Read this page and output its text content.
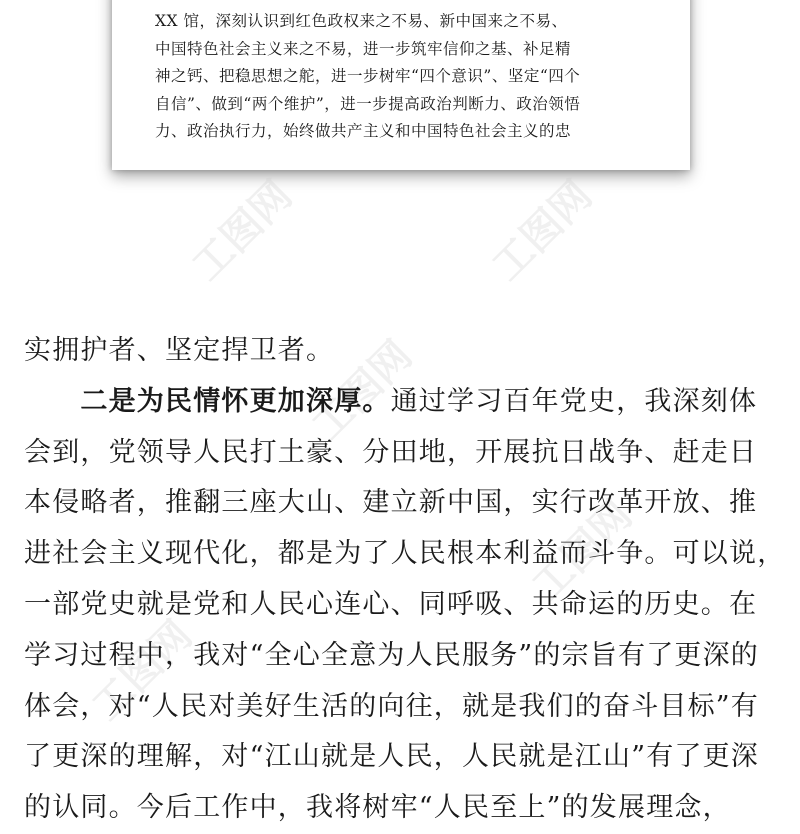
XX 馆，深刻认识到红色政权来之不易、新中国来之不易、
中国特色社会主义来之不易，进一步筑牢信仰之基、补足精
神之钙、把稳思想之舵，进一步树牢“四个意识”、坚定“四个
自信”、做到“两个维护”，进一步提高政治判断力、政治领悟
力、政治执行力，始终做共产主义和中国特色社会主义的忠
工图网	工图网
工图网
工图网
工图网
实拥护者、坚定捍卫者。
　　二是为民情怀更加深厚。通过学习百年党史，我深刻体
会到，党领导人民打土豪、分田地，开展抗日战争、赶走日
本侵略者，推翻三座大山、建立新中国，实行改革开放、推
进社会主义现代化，都是为了人民根本利益而斗争。可以说，
一部党史就是党和人民心连心、同呼吸、共命运的历史。在
学习过程中，我对“全心全意为人民服务”的宗旨有了更深的
体会，对“人民对美好生活的向往，就是我们的奋斗目标”有
了更深的理解，对“江山就是人民，人民就是江山”有了更深
的认同。今后工作中，我将树牢“人民至上”的发展理念，
